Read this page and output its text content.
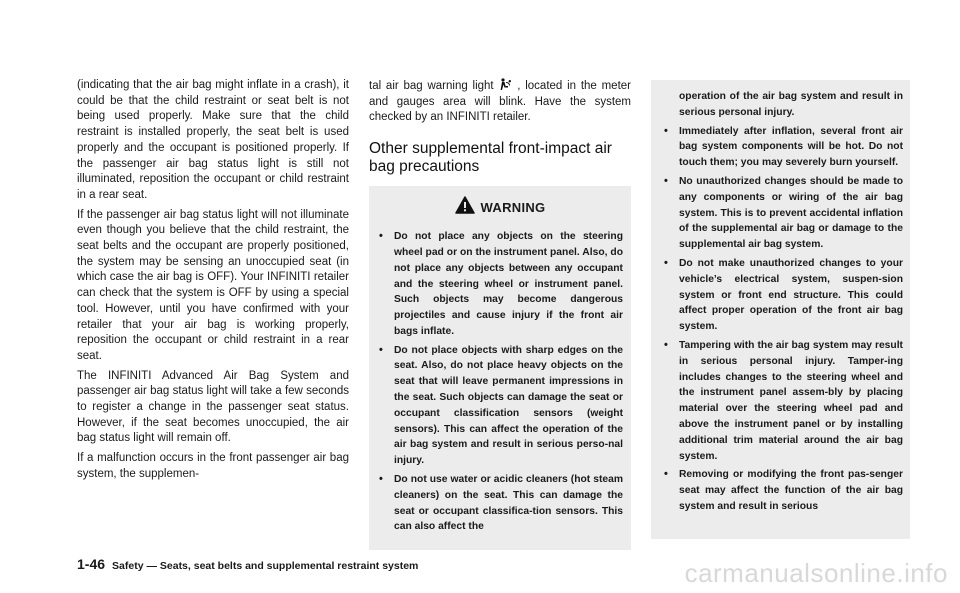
(indicating that the air bag might inflate in a crash), it could be that the child restraint or seat belt is not being used properly. Make sure that the child restraint is installed properly, the seat belt is used properly and the occupant is positioned properly. If the passenger air bag status light is still not illuminated, reposition the occupant or child restraint in a rear seat.

If the passenger air bag status light will not illuminate even though you believe that the child restraint, the seat belts and the occupant are properly positioned, the system may be sensing an unoccupied seat (in which case the air bag is OFF). Your INFINITI retailer can check that the system is OFF by using a special tool. However, until you have confirmed with your retailer that your air bag is working properly, reposition the occupant or child restraint in a rear seat.

The INFINITI Advanced Air Bag System and passenger air bag status light will take a few seconds to register a change in the passenger seat status. However, if the seat becomes unoccupied, the air bag status light will remain off.

If a malfunction occurs in the front passenger air bag system, the supplemen-

tal air bag warning light , located in the meter and gauges area will blink. Have the system checked by an INFINITI retailer.

Other supplemental front-impact air bag precautions
WARNING
• Do not place any objects on the steering wheel pad or on the instrument panel. Also, do not place any objects between any occupant and the steering wheel or instrument panel. Such objects may become dangerous projectiles and cause injury if the front air bags inflate.
• Do not place objects with sharp edges on the seat. Also, do not place heavy objects on the seat that will leave permanent impressions in the seat. Such objects can damage the seat or occupant classification sensors (weight sensors). This can affect the operation of the air bag system and result in serious perso-nal injury.
• Do not use water or acidic cleaners (hot steam cleaners) on the seat. This can damage the seat or occupant classifica-tion sensors. This can also affect the
operation of the air bag system and result in serious personal injury.
• Immediately after inflation, several front air bag system components will be hot. Do not touch them; you may severely burn yourself.
• No unauthorized changes should be made to any components or wiring of the air bag system. This is to prevent accidental inflation of the supplemental air bag or damage to the supplemental air bag system.
• Do not make unauthorized changes to your vehicle’s electrical system, suspen-sion system or front end structure. This could affect proper operation of the front air bag system.
• Tampering with the air bag system may result in serious personal injury. Tamper-ing includes changes to the steering wheel and the instrument panel assem-bly by placing material over the steering wheel pad and above the instrument panel or by installing additional trim material around the air bag system.
• Removing or modifying the front pas-senger seat may affect the function of the air bag system and result in serious
1-46 Safety — Seats, seat belts and supplemental restraint system	carmanualsonline.info
